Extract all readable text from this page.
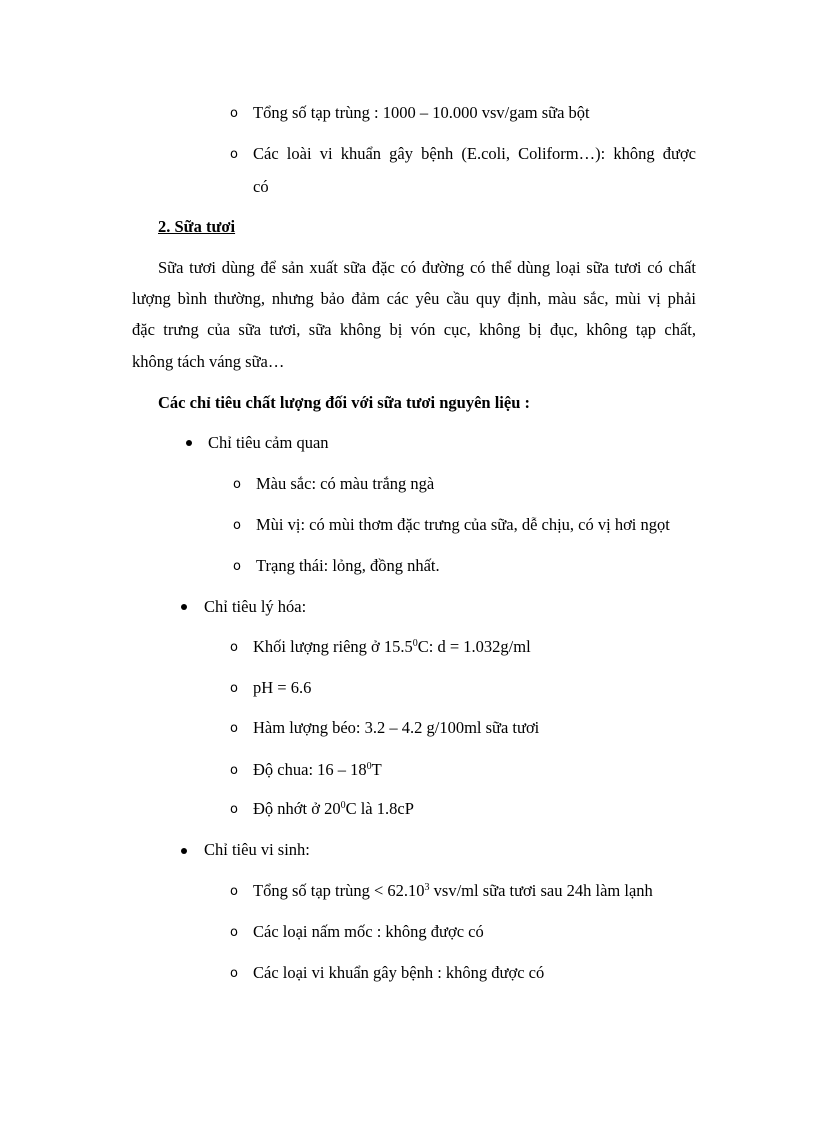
o Tổng số tạp trùng : 1000 – 10.000 vsv/gam sữa bột
o Các loài vi khuẩn gây bệnh (E.coli, Coliform…): không được
có
2. Sữa tươi
Sữa tươi dùng để sản xuất sữa đặc có đường có thể dùng loại sữa tươi có chất
lượng bình thường, nhưng bảo đảm các yêu cầu quy định, màu sắc, mùi vị phải
đặc trưng của sữa tươi, sữa không bị vón cục, không bị đục, không tạp chất,
không tách váng sữa…
Các chỉ tiêu chất lượng đối với sữa tươi nguyên liệu :
Chỉ tiêu cảm quan
o Màu sắc: có màu trắng ngà
o Mùi vị: có mùi thơm đặc trưng của sữa, dễ chịu, có vị hơi ngọt
o Trạng thái: lỏng, đồng nhất.
Chỉ tiêu lý hóa:
o Khối lượng riêng ở 15.5$^0$C: d = 1.032g/ml
o pH = 6.6
o Hàm lượng béo: 3.2 – 4.2 g/100ml sữa tươi
o Độ chua: $16 - 18^0T$
o Độ nhớt ở $20^0C$ là 1.8cP
Chỉ tiêu vi sinh:
o Tổng số tạp trùng < $62.10^3$ vsv/ml sữa tươi sau 24h làm lạnh
o Các loại nấm mốc : không được có
o Các loại vi khuẩn gây bệnh : không được có
